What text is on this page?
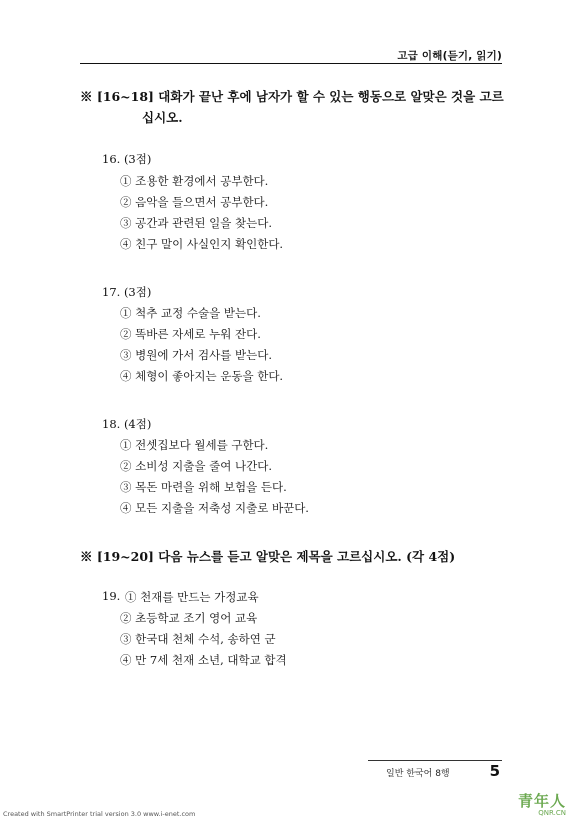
고급 이해(듣기, 읽기)
※ [16~18] 대화가 끝난 후에 남자가 할 수 있는 행동으로 알맞은 것을 고르
십시오.
16. (3점)
① 조용한 환경에서 공부한다.
② 음악을 들으면서 공부한다.
③ 공간과 관련된 일을 찾는다.
④ 친구 말이 사실인지 확인한다.
17. (3점)
① 척추 교정 수술을 받는다.
② 똑바른 자세로 누워 잔다.
③ 병원에 가서 검사를 받는다.
④ 체형이 좋아지는 운동을 한다.
18. (4점)
① 전셋집보다 월세를 구한다.
② 소비성 지출을 줄여 나간다.
③ 목돈 마련을 위해 보험을 든다.
④ 모든 지출을 저축성 지출로 바꾼다.
※ [19~20] 다음 뉴스를 듣고 알맞은 제목을 고르십시오. (각 4점)
19. ① 천재를 만드는 가정교육
② 초등학교 조기 영어 교육
③ 한국대 천체 수석, 송하연 군
④ 만 7세 천재 소년, 대학교 합격
일반 한국어 8행	5
青年人
QNR.CN
Created with SmartPrinter trial version 3.0 www.i-enet.com
